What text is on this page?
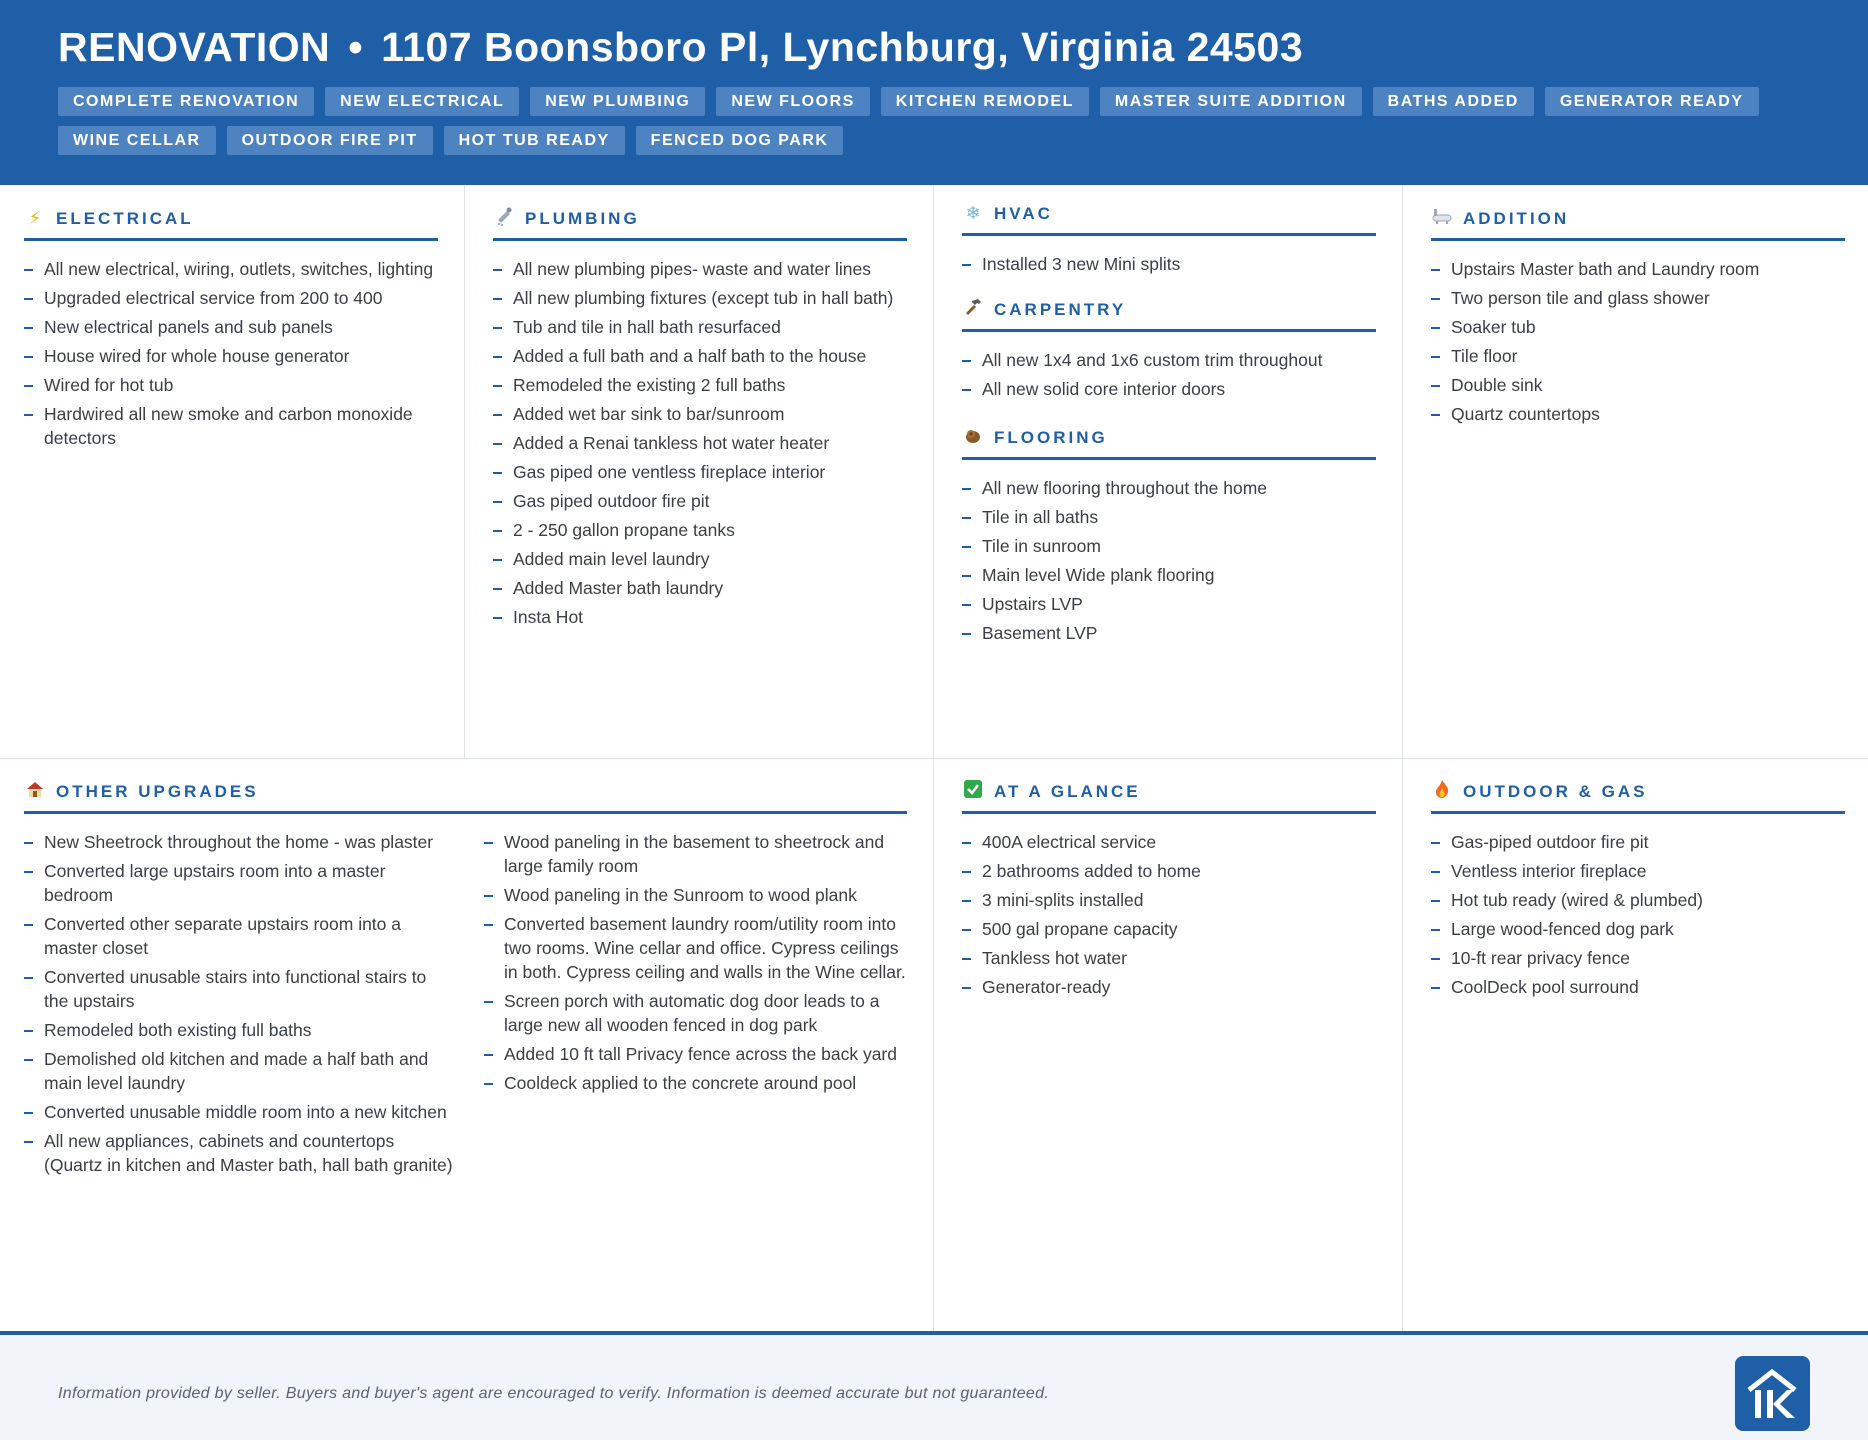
RENOVATION • 1107 Boonsboro Pl, Lynchburg, Virginia 24503
COMPLETE RENOVATION	NEW ELECTRICAL	NEW PLUMBING	NEW FLOORS	KITCHEN REMODEL	MASTER SUITE ADDITION	BATHS ADDED	GENERATOR READY
WINE CELLAR	OUTDOOR FIRE PIT	HOT TUB READY	FENCED DOG PARK
⚡ ELECTRICAL
All new electrical, wiring, outlets, switches, lighting
Upgraded electrical service from 200 to 400
New electrical panels and sub panels
House wired for whole house generator
Wired for hot tub
Hardwired all new smoke and carbon monoxide detectors
PLUMBING
All new plumbing pipes- waste and water lines
All new plumbing fixtures (except tub in hall bath)
Tub and tile in hall bath resurfaced
Added a full bath and a half bath to the house
Remodeled the existing 2 full baths
Added wet bar sink to bar/sunroom
Added a Renai tankless hot water heater
Gas piped one ventless fireplace interior
Gas piped outdoor fire pit
2 - 250 gallon propane tanks
Added main level laundry
Added Master bath laundry
Insta Hot
❄ HVAC
Installed 3 new Mini splits
CARPENTRY
All new 1x4 and 1x6 custom trim throughout
All new solid core interior doors
FLOORING
All new flooring throughout the home
Tile in all baths
Tile in sunroom
Main level Wide plank flooring
Upstairs LVP
Basement LVP
ADDITION
Upstairs Master bath and Laundry room
Two person tile and glass shower
Soaker tub
Tile floor
Double sink
Quartz countertops
OTHER UPGRADES
New Sheetrock throughout the home - was plaster
Converted large upstairs room into a master bedroom
Converted other separate upstairs room into a master closet
Converted unusable stairs into functional stairs to the upstairs
Remodeled both existing full baths
Demolished old kitchen and made a half bath and main level laundry
Converted unusable middle room into a new kitchen
All new appliances, cabinets and countertops (Quartz in kitchen and Master bath, hall bath granite)
Wood paneling in the basement to sheetrock and large family room
Wood paneling in the Sunroom to wood plank
Converted basement laundry room/utility room into two rooms. Wine cellar and office. Cypress ceilings in both. Cypress ceiling and walls in the Wine cellar.
Screen porch with automatic dog door leads to a large new all wooden fenced in dog park
Added 10 ft tall Privacy fence across the back yard
Cooldeck applied to the concrete around pool
AT A GLANCE
400A electrical service
2 bathrooms added to home
3 mini-splits installed
500 gal propane capacity
Tankless hot water
Generator-ready
OUTDOOR & GAS
Gas-piped outdoor fire pit
Ventless interior fireplace
Hot tub ready (wired & plumbed)
Large wood-fenced dog park
10-ft rear privacy fence
CoolDeck pool surround
Information provided by seller. Buyers and buyer's agent are encouraged to verify. Information is deemed accurate but not guaranteed.
